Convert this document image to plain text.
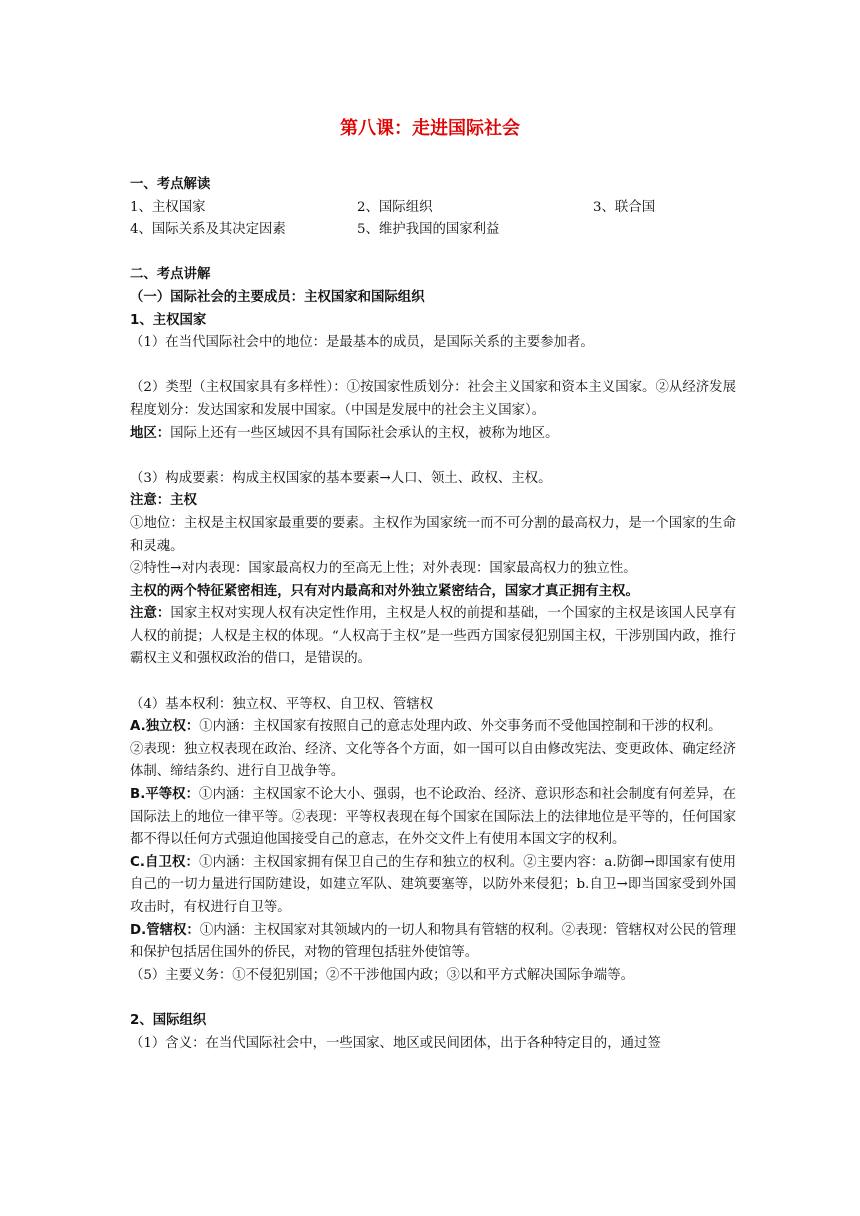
第八课：走进国际社会

一、考点解读

1、主权国家	2、国际组织	3、联合国
4、国际关系及其决定因素	5、维护我国的国家利益

二、考点讲解

（一）国际社会的主要成员：主权国家和国际组织

1、主权国家

（1）在当代国际社会中的地位：是最基本的成员，是国际关系的主要参加者。

（2）类型（主权国家具有多样性）：①按国家性质划分：社会主义国家和资本主义国家。②从经济发展程度划分：发达国家和发展中国家。（中国是发展中的社会主义国家）。

地区：国际上还有一些区域因不具有国际社会承认的主权，被称为地区。

（3）构成要素：构成主权国家的基本要素→人口、领土、政权、主权。

注意：主权

①地位：主权是主权国家最重要的要素。主权作为国家统一而不可分割的最高权力，是一个国家的生命和灵魂。

②特性→对内表现：国家最高权力的至高无上性；对外表现：国家最高权力的独立性。

主权的两个特征紧密相连，只有对内最高和对外独立紧密结合，国家才真正拥有主权。

注意：国家主权对实现人权有决定性作用，主权是人权的前提和基础，一个国家的主权是该国人民享有人权的前提；人权是主权的体现。“人权高于主权”是一些西方国家侵犯别国主权，干涉别国内政，推行霸权主义和强权政治的借口，是错误的。

（4）基本权利：独立权、平等权、自卫权、管辖权

A.独立权：①内涵：主权国家有按照自己的意志处理内政、外交事务而不受他国控制和干涉的权利。

②表现：独立权表现在政治、经济、文化等各个方面，如一国可以自由修改宪法、变更政体、确定经济体制、缔结条约、进行自卫战争等。

B.平等权：①内涵：主权国家不论大小、强弱，也不论政治、经济、意识形态和社会制度有何差异，在国际法上的地位一律平等。②表现：平等权表现在每个国家在国际法上的法律地位是平等的，任何国家都不得以任何方式强迫他国接受自己的意志，在外交文件上有使用本国文字的权利。

C.自卫权：①内涵：主权国家拥有保卫自己的生存和独立的权利。②主要内容：a.防御→即国家有使用自己的一切力量进行国防建设，如建立军队、建筑要塞等，以防外来侵犯；b.自卫→即当国家受到外国攻击时，有权进行自卫等。

D.管辖权：①内涵：主权国家对其领域内的一切人和物具有管辖的权利。②表现：管辖权对公民的管理和保护包括居住国外的侨民，对物的管理包括驻外使馆等。

（5）主要义务：①不侵犯别国；②不干涉他国内政；③以和平方式解决国际争端等。

2、国际组织

（1）含义：在当代国际社会中，一些国家、地区或民间团体，出于各种特定目的，通过签
